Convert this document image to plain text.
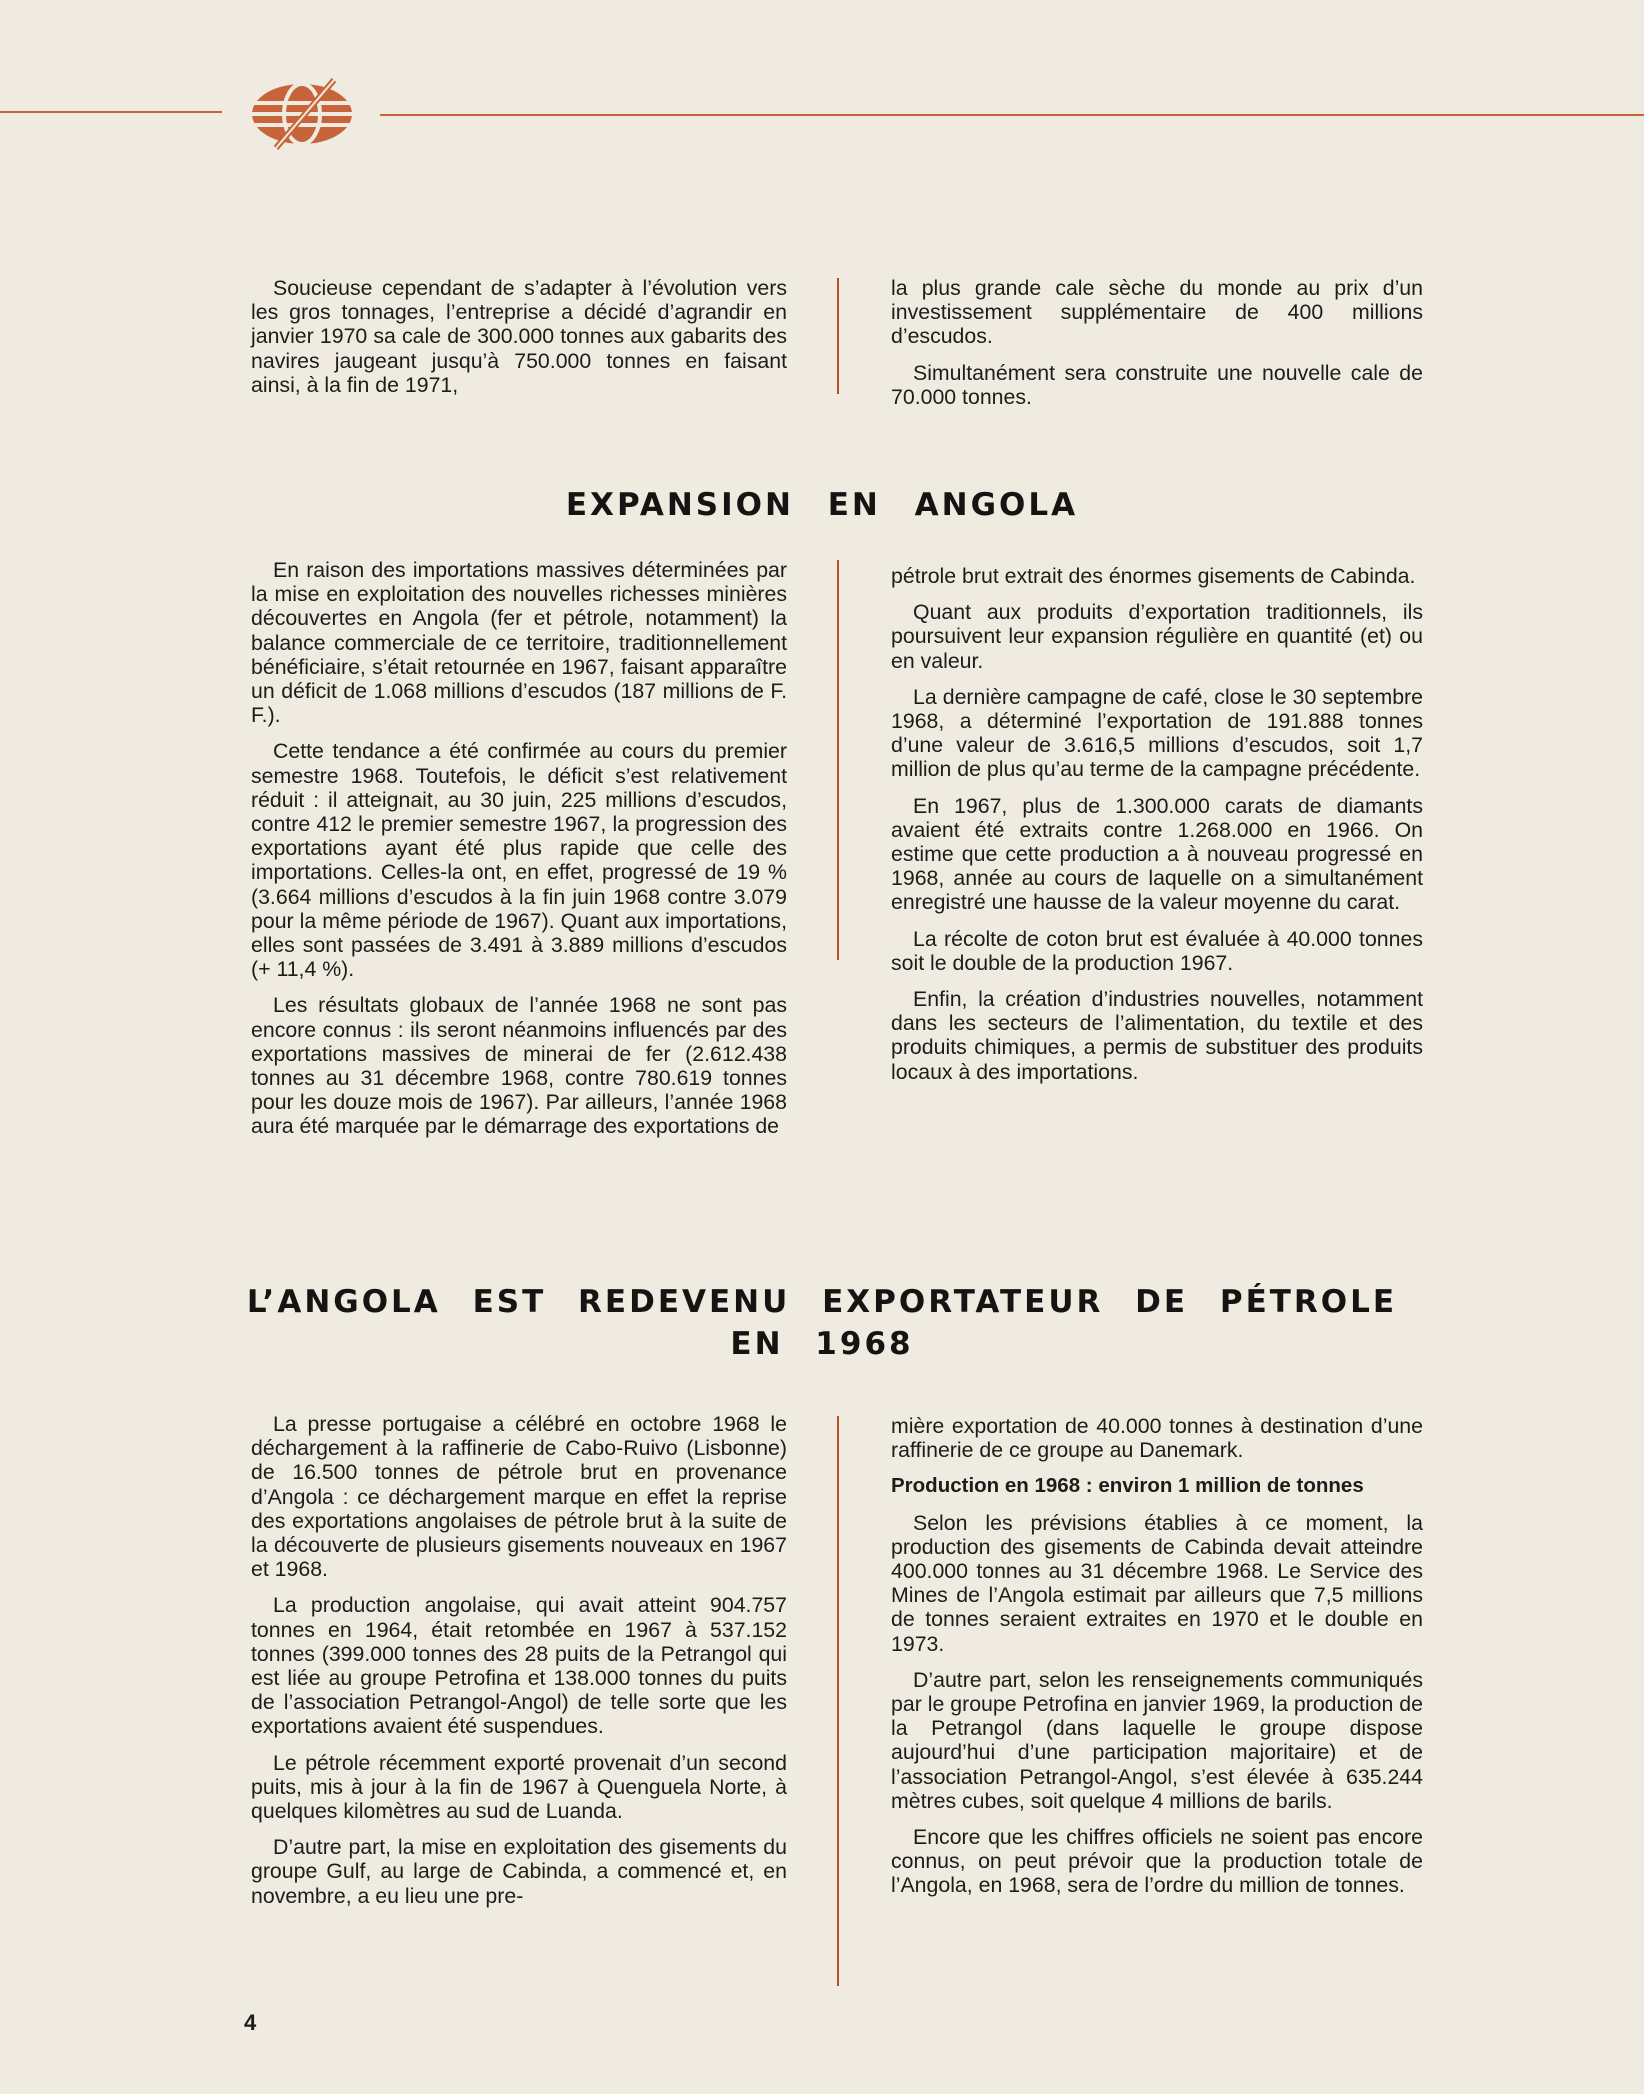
Soucieuse cependant de s’adapter à l’évolution vers les gros tonnages, l’entreprise a décidé d’agrandir en janvier 1970 sa cale de 300.000 tonnes aux gabarits des navires jaugeant jusqu’à 750.000 tonnes en faisant ainsi, à la fin de 1971,

la plus grande cale sèche du monde au prix d’un investissement supplémentaire de 400 millions d’escudos.

Simultanément sera construite une nouvelle cale de 70.000 tonnes.

EXPANSION EN ANGOLA

En raison des importations massives déterminées par la mise en exploitation des nouvelles richesses minières découvertes en Angola (fer et pétrole, notamment) la balance commerciale de ce territoire, traditionnellement bénéficiaire, s’était retournée en 1967, faisant apparaître un déficit de 1.068 millions d’escudos (187 millions de F. F.).

Cette tendance a été confirmée au cours du premier semestre 1968. Toutefois, le déficit s’est relativement réduit : il atteignait, au 30 juin, 225 millions d’escudos, contre 412 le premier semestre 1967, la progression des exportations ayant été plus rapide que celle des importations. Celles-la ont, en effet, progressé de 19 % (3.664 millions d’escudos à la fin juin 1968 contre 3.079 pour la même période de 1967). Quant aux importations, elles sont passées de 3.491 à 3.889 millions d’escudos (+ 11,4 %).

Les résultats globaux de l’année 1968 ne sont pas encore connus : ils seront néanmoins influencés par des exportations massives de minerai de fer (2.612.438 tonnes au 31 décembre 1968, contre 780.619 tonnes pour les douze mois de 1967). Par ailleurs, l’année 1968 aura été marquée par le démarrage des exportations de

pétrole brut extrait des énormes gisements de Cabinda.

Quant aux produits d’exportation traditionnels, ils poursuivent leur expansion régulière en quantité (et) ou en valeur.

La dernière campagne de café, close le 30 septembre 1968, a déterminé l’exportation de 191.888 tonnes d’une valeur de 3.616,5 millions d’escudos, soit 1,7 million de plus qu’au terme de la campagne précédente.

En 1967, plus de 1.300.000 carats de diamants avaient été extraits contre 1.268.000 en 1966. On estime que cette production a à nouveau progressé en 1968, année au cours de laquelle on a simultanément enregistré une hausse de la valeur moyenne du carat.

La récolte de coton brut est évaluée à 40.000 tonnes soit le double de la production 1967.

Enfin, la création d’industries nouvelles, notamment dans les secteurs de l’alimentation, du textile et des produits chimiques, a permis de substituer des produits locaux à des importations.

L’ANGOLA EST REDEVENU EXPORTATEUR DE PÉTROLE
EN 1968

La presse portugaise a célébré en octobre 1968 le déchargement à la raffinerie de Cabo-Ruivo (Lisbonne) de 16.500 tonnes de pétrole brut en provenance d’Angola : ce déchargement marque en effet la reprise des exportations angolaises de pétrole brut à la suite de la découverte de plusieurs gisements nouveaux en 1967 et 1968.

La production angolaise, qui avait atteint 904.757 tonnes en 1964, était retombée en 1967 à 537.152 tonnes (399.000 tonnes des 28 puits de la Petrangol qui est liée au groupe Petrofina et 138.000 tonnes du puits de l’association Petrangol-Angol) de telle sorte que les exportations avaient été suspendues.

Le pétrole récemment exporté provenait d’un second puits, mis à jour à la fin de 1967 à Quenguela Norte, à quelques kilomètres au sud de Luanda.

D’autre part, la mise en exploitation des gisements du groupe Gulf, au large de Cabinda, a commencé et, en novembre, a eu lieu une pre-

mière exportation de 40.000 tonnes à destination d’une raffinerie de ce groupe au Danemark.

Production en 1968 : environ 1 million de tonnes

Selon les prévisions établies à ce moment, la production des gisements de Cabinda devait atteindre 400.000 tonnes au 31 décembre 1968. Le Service des Mines de l’Angola estimait par ailleurs que 7,5 millions de tonnes seraient extraites en 1970 et le double en 1973.

D’autre part, selon les renseignements communiqués par le groupe Petrofina en janvier 1969, la production de la Petrangol (dans laquelle le groupe dispose aujourd’hui d’une participation majoritaire) et de l’association Petrangol-Angol, s’est élevée à 635.244 mètres cubes, soit quelque 4 millions de barils.

Encore que les chiffres officiels ne soient pas encore connus, on peut prévoir que la production totale de l’Angola, en 1968, sera de l’ordre du million de tonnes.

4
